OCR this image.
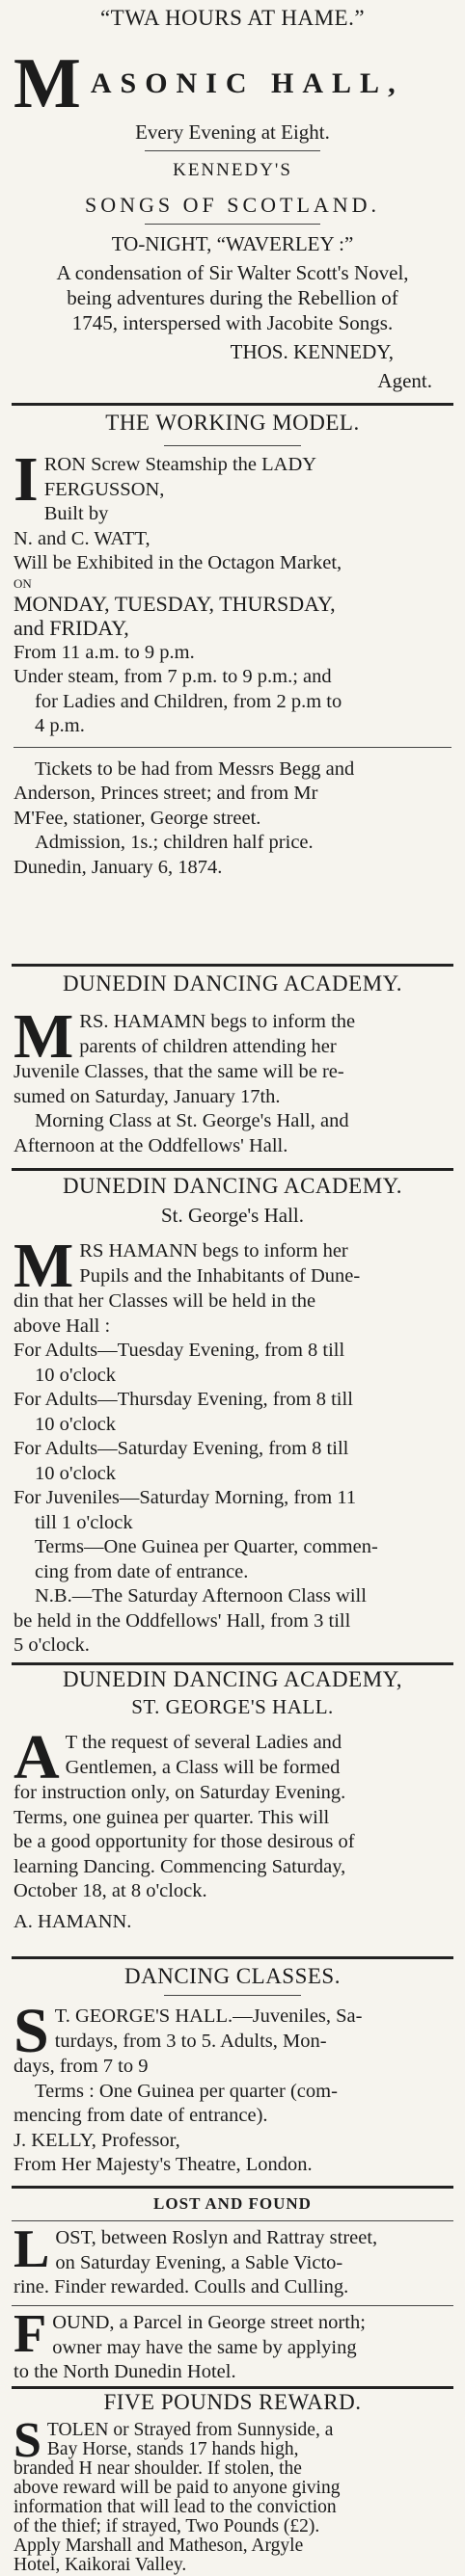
“TWA HOURS AT HAME.”
M ASONIC HALL,
Every Evening at Eight.
KENNEDY'S
SONGS OF SCOTLAND.
TO-NIGHT, “WAVERLEY :”
A condensation of Sir Walter Scott's Novel,
being adventures during the Rebellion of
1745, interspersed with Jacobite Songs.
THOS. KENNEDY,
Agent.
THE WORKING MODEL.
IRON Screw Steamship the LADY
FERGUSSON,
Built by
N. and C. WATT,
Will be Exhibited in the Octagon Market,
ON
MONDAY, TUESDAY, THURSDAY,
and FRIDAY,
From 11 a.m. to 9 p.m.
Under steam, from 7 p.m. to 9 p.m.; and
for Ladies and Children, from 2 p.m to
4 p.m.
Tickets to be had from Messrs Begg and
Anderson, Princes street; and from Mr
M'Fee, stationer, George street.
Admission, 1s.; children half price.
Dunedin, January 6, 1874.
DUNEDIN DANCING ACADEMY.
MRS. HAMAMN begs to inform the
parents of children attending her
Juvenile Classes, that the same will be re-
sumed on Saturday, January 17th.
Morning Class at St. George's Hall, and
Afternoon at the Oddfellows' Hall.
DUNEDIN DANCING ACADEMY.
St. George's Hall.
MRS HAMANN begs to inform her
Pupils and the Inhabitants of Dune-
din that her Classes will be held in the
above Hall :
For Adults—Tuesday Evening, from 8 till
10 o'clock
For Adults—Thursday Evening, from 8 till
10 o'clock
For Adults—Saturday Evening, from 8 till
10 o'clock
For Juveniles—Saturday Morning, from 11
till 1 o'clock
Terms—One Guinea per Quarter, commen-
cing from date of entrance.
N.B.—The Saturday Afternoon Class will
be held in the Oddfellows' Hall, from 3 till
5 o'clock.
DUNEDIN DANCING ACADEMY,
ST. GEORGE'S HALL.
A T the request of several Ladies and
Gentlemen, a Class will be formed
for instruction only, on Saturday Evening.
Terms, one guinea per quarter. This will
be a good opportunity for those desirous of
learning Dancing. Commencing Saturday,
October 18, at 8 o'clock.
A. HAMANN.
DANCING CLASSES.
S T. GEORGE'S HALL.—Juveniles, Sa-
turdays, from 3 to 5. Adults, Mon-
days, from 7 to 9
Terms : One Guinea per quarter (com-
mencing from date of entrance).
J. KELLY, Professor,
From Her Majesty's Theatre, London.
LOST AND FOUND
LOST, between Roslyn and Rattray street,
on Saturday Evening, a Sable Victo-
rine. Finder rewarded. Coulls and Culling.
FOUND, a Parcel in George street north;
owner may have the same by applying
to the North Dunedin Hotel.
FIVE POUNDS REWARD.
STOLEN or Strayed from Sunnyside, a
Bay Horse, stands 17 hands high,
branded H near shoulder. If stolen, the
above reward will be paid to anyone giving
information that will lead to the conviction
of the thief; if strayed, Two Pounds (£2).
Apply Marshall and Matheson, Argyle
Hotel, Kaikorai Valley.
